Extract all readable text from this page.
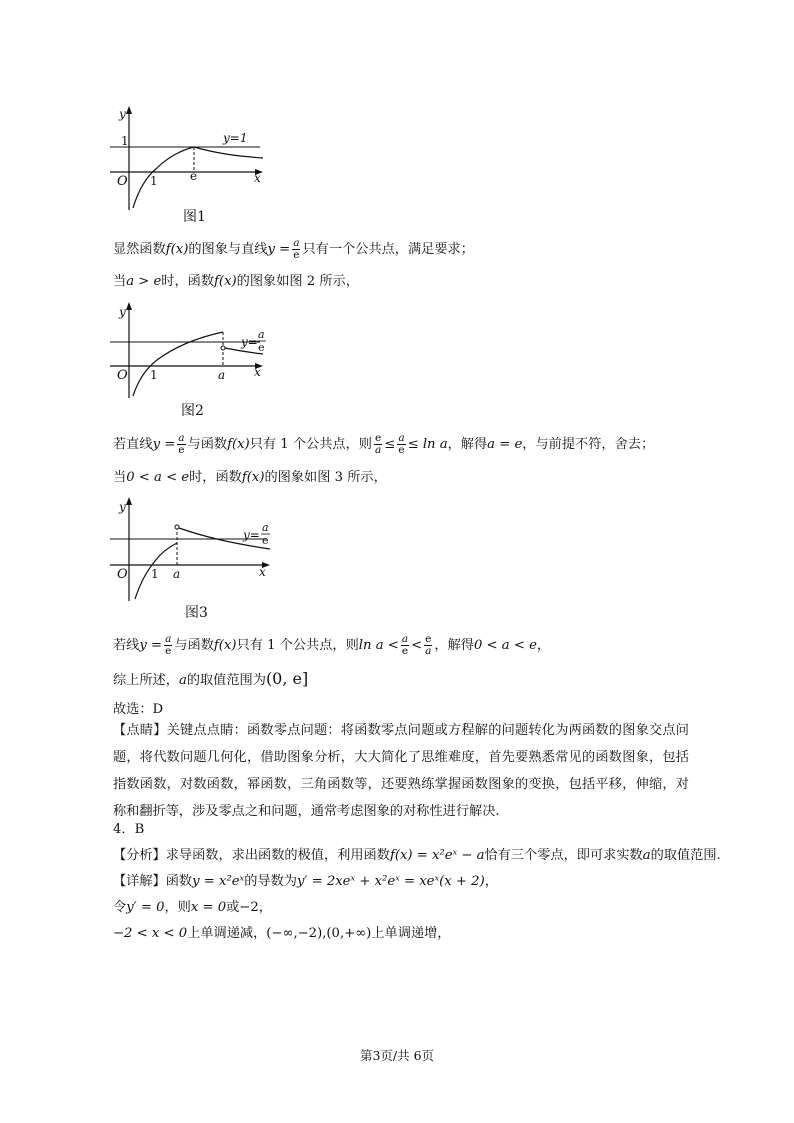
y
1
O 1	e	x
y=1
图1
显然函数f(x)的图象与直线$y = \frac{a}{e}$ 只有一个公共点，满足要求；
当a > e时，函数f(x)的图象如图 2 所示，
y
O 1	a x
y=
a
e
图2
若直线$y = \frac{a}{e}$ 与函数f(x)只有 1 个公共点，则 $\frac{e}{a} \le \frac{a}{e} \le \ln a$，解得a = e，与前提不符，舍去；
当0 < a < e时，函数f(x)的图象如图 3 所示，
y
O 1 a	x
y=
a
e
图3
若线$y = \frac{a}{e}$ 与函数f(x)只有 1 个公共点，则$\ln a < \frac{a}{e} < \frac{e}{a}$ ，解得0 < a < e，
综上所述，a的取值范围为(0, e]
故选：D
【点睛】关键点点睛：函数零点问题：将函数零点问题或方程解的问题转化为两函数的图象交点问题，将代数问题几何化，借助图象分析，大大简化了思维难度，首先要熟悉常见的函数图象，包括指数函数，对数函数，幂函数，三角函数等，还要熟练掌握函数图象的变换，包括平移，伸缩，对称和翻折等，涉及零点之和问题，通常考虑图象的对称性进行解决.
4．B
【分析】求导函数，求出函数的极值，利用函数f(x) = x²eˣ − a恰有三个零点，即可求实数a的取值范围.
【详解】函数y = x²eˣ的导数为y′ = 2xeˣ + x²eˣ = xeˣ(x + 2)，
令y′ = 0，则x = 0或−2，
−2 < x < 0上单调递减，(−∞,−2),(0,+∞)上单调递增，
第3页/共 6页
